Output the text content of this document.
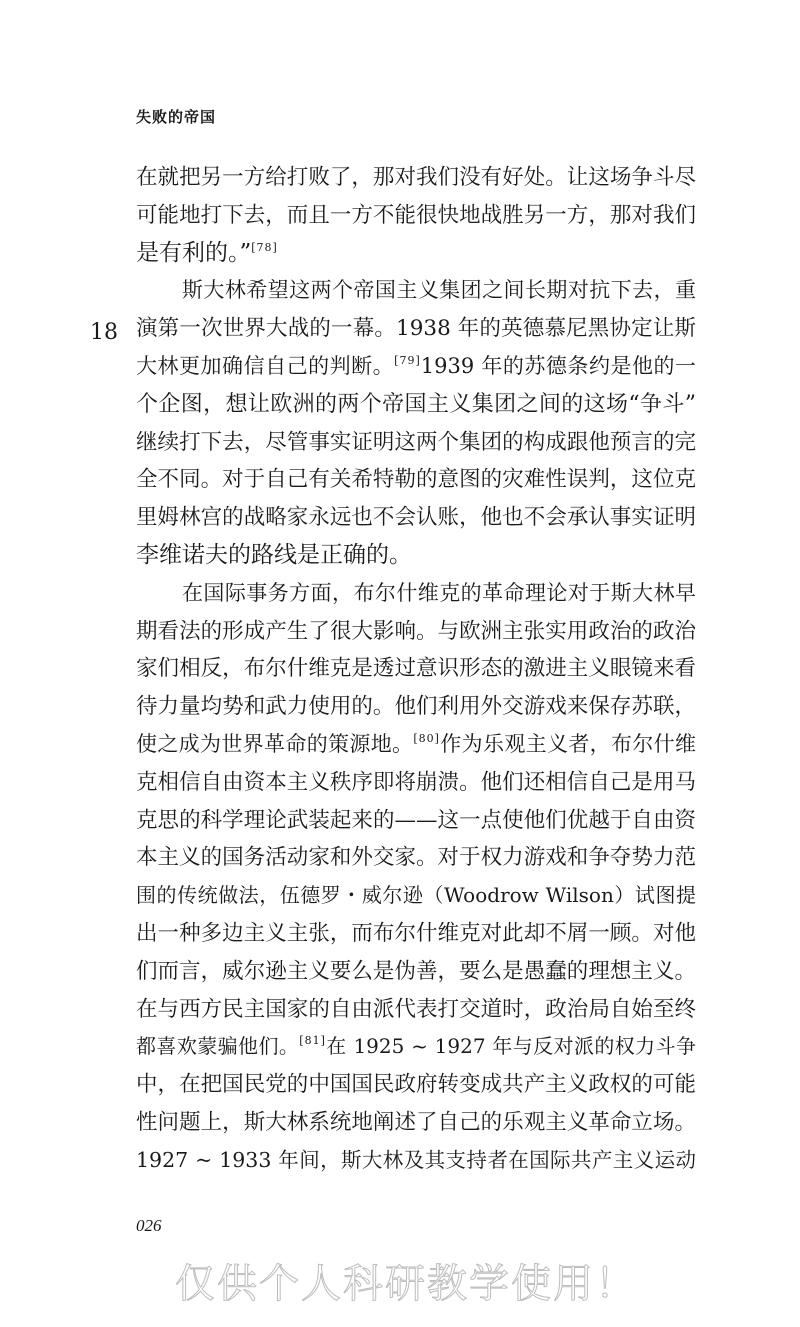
失败的帝国
18
在就把另一方给打败了，那对我们没有好处。让这场争斗尽
可能地打下去，而且一方不能很快地战胜另一方，那对我们
是有利的。”[78]
斯大林希望这两个帝国主义集团之间长期对抗下去，重
演第一次世界大战的一幕。1938 年的英德慕尼黑协定让斯
大林更加确信自己的判断。[79]1939 年的苏德条约是他的一
个企图，想让欧洲的两个帝国主义集团之间的这场“争斗”
继续打下去，尽管事实证明这两个集团的构成跟他预言的完
全不同。对于自己有关希特勒的意图的灾难性误判，这位克
里姆林宫的战略家永远也不会认账，他也不会承认事实证明
李维诺夫的路线是正确的。
在国际事务方面，布尔什维克的革命理论对于斯大林早
期看法的形成产生了很大影响。与欧洲主张实用政治的政治
家们相反，布尔什维克是透过意识形态的激进主义眼镜来看
待力量均势和武力使用的。他们利用外交游戏来保存苏联，
使之成为世界革命的策源地。[80]作为乐观主义者，布尔什维
克相信自由资本主义秩序即将崩溃。他们还相信自己是用马
克思的科学理论武装起来的——这一点使他们优越于自由资
本主义的国务活动家和外交家。对于权力游戏和争夺势力范
围的传统做法，伍德罗・威尔逊（Woodrow Wilson）试图提
出一种多边主义主张，而布尔什维克对此却不屑一顾。对他
们而言，威尔逊主义要么是伪善，要么是愚蠢的理想主义。
在与西方民主国家的自由派代表打交道时，政治局自始至终
都喜欢蒙骗他们。[81]在 1925 ~ 1927 年与反对派的权力斗争
中，在把国民党的中国国民政府转变成共产主义政权的可能
性问题上，斯大林系统地阐述了自己的乐观主义革命立场。
1927 ~ 1933 年间，斯大林及其支持者在国际共产主义运动
026
仅供个人科研教学使用！
